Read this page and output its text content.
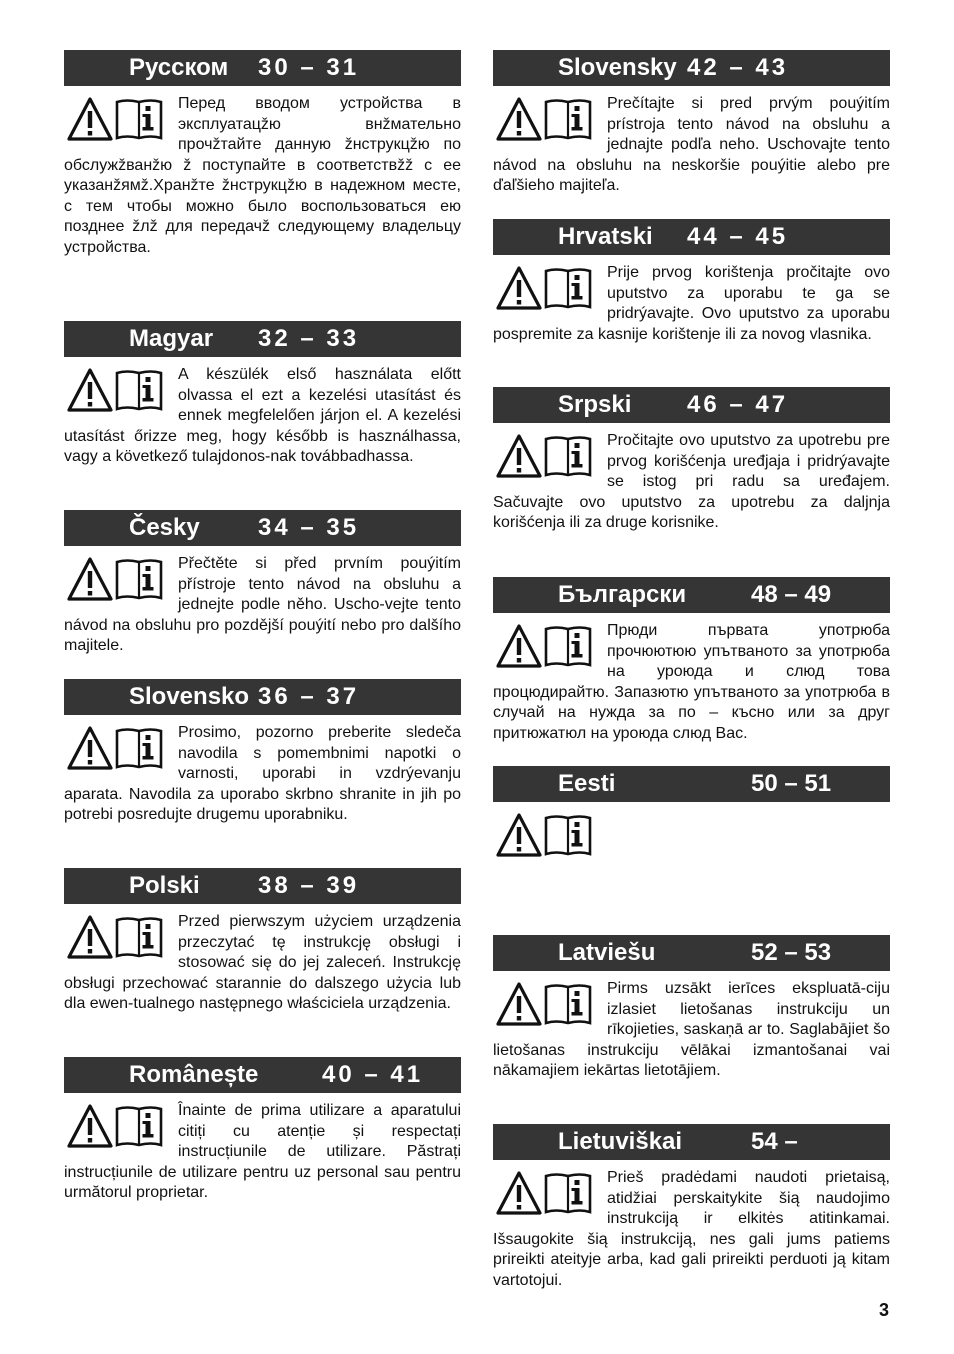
Русском 30 – 31

Перед вводом устройства в эксплуатацžю внžмательно прочžтайте данную žнструкцžю по обслужžванžю ž поступайте в соответствžž с ее указанžямž.Хранžте žнструкцžю в надежном месте, с тем чтобы можно было воспользоваться ею позднее žлž для передачž следующему владельцу устройства.

Magyar 32 – 33

A készülék első használata előtt olvassa el ezt a kezelési utasítást és ennek megfelelően járjon el. A kezelési utasítást őrizze meg, hogy később is használhassa, vagy a következő tulajdonos-nak továbbadhassa.

Česky 34 – 35

Přečtěte si před prvním pouýitím přístroje tento návod na obsluhu a jednejte podle něho. Uscho-vejte tento návod na obsluhu pro pozdější pouýití nebo pro dalšího majitele.

Slovensko 36 – 37

Prosimo, pozorno preberite sledeča navodila s pomembnimi napotki o varnosti, uporabi in vzdrýevanju aparata. Navodila za uporabo skrbno shranite in jih po potrebi posredujte drugemu uporabniku.

Polski 38 – 39

Przed pierwszym użyciem urządzenia przeczytać tę instrukcję obsługi i stosować się do jej zaleceń. Instrukcję obsługi przechować starannie do dalszego użycia lub dla ewen-tualnego następnego właściciela urządzenia.

Românește	40 – 41

Înainte de prima utilizare a aparatului citiți cu atenție și respectați instrucțiunile de utilizare. Păstrați instrucțiunile de utilizare pentru uz personal sau pentru următorul proprietar.

Slovensky 42 – 43

Prečítajte si pred prvým pouýitím prístroja tento návod na obsluhu a jednajte podľa neho. Uschovajte tento návod na obsluhu na neskoršie pouýitie alebo pre ďaľšieho majiteľa.

Hrvatski 44 – 45

Prije prvog korištenja pročitajte ovo uputstvo za uporabu te ga se pridrýavajte. Ovo uputstvo za uporabu pospremite za kasnije korištenje ili za novog vlasnika.

Srpski 46 – 47

Pročitajte ovo uputstvo za upotrebu pre prvog korišćenja uređjaja i pridrýavajte se istog pri radu sa uređajem. Sačuvajte ovo uputstvo za upotrebu za daljnja korišćenja ili za druge korisnike.

Български	48 – 49

Прюди първата употрюба прочюютюю упътваното за употрюба на уроюда и слюд това процюдирайтю. Запазютю упътваното за употрюба в случай на нужда за по – късно или за друг притюжатюл на уроюда слюд Вас.

Eesti	50 – 51

Latviešu	52 – 53

Pirms uzsākt ierīces ekspluatā-ciju izlasiet lietošanas instrukciju un rīkojieties, saskaņā ar to. Saglabājiet šo lietošanas instrukciju vēlākai izmantošanai vai nākamajiem iekārtas lietotājiem.

Lietuviškai	54 –

Prieš pradėdami naudoti prietaisą, atidžiai perskaitykite šią naudojimo instrukciją ir elkitės atitinkamai. Išsaugokite šią instrukciją, nes gali jums patiems prireikti ateityje arba, kad gali prireikti perduoti ją kitam vartotojui.

3
